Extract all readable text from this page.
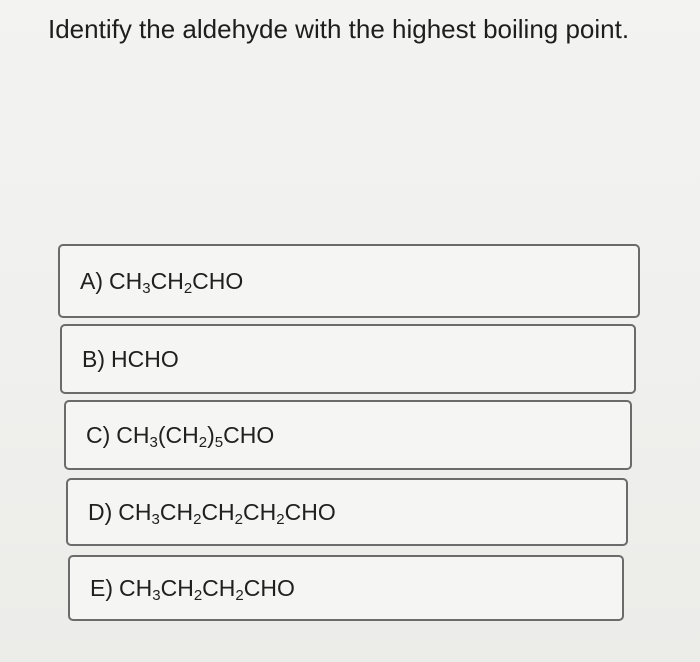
Identify the aldehyde with the highest boiling point.
A) $CH_3CH_2CHO$
B) HCHO
C) $CH_3(CH_2)_5CHO$
D) $CH_3CH_2CH_2CH_2CHO$
E) $CH_3CH_2CH_2CHO$
